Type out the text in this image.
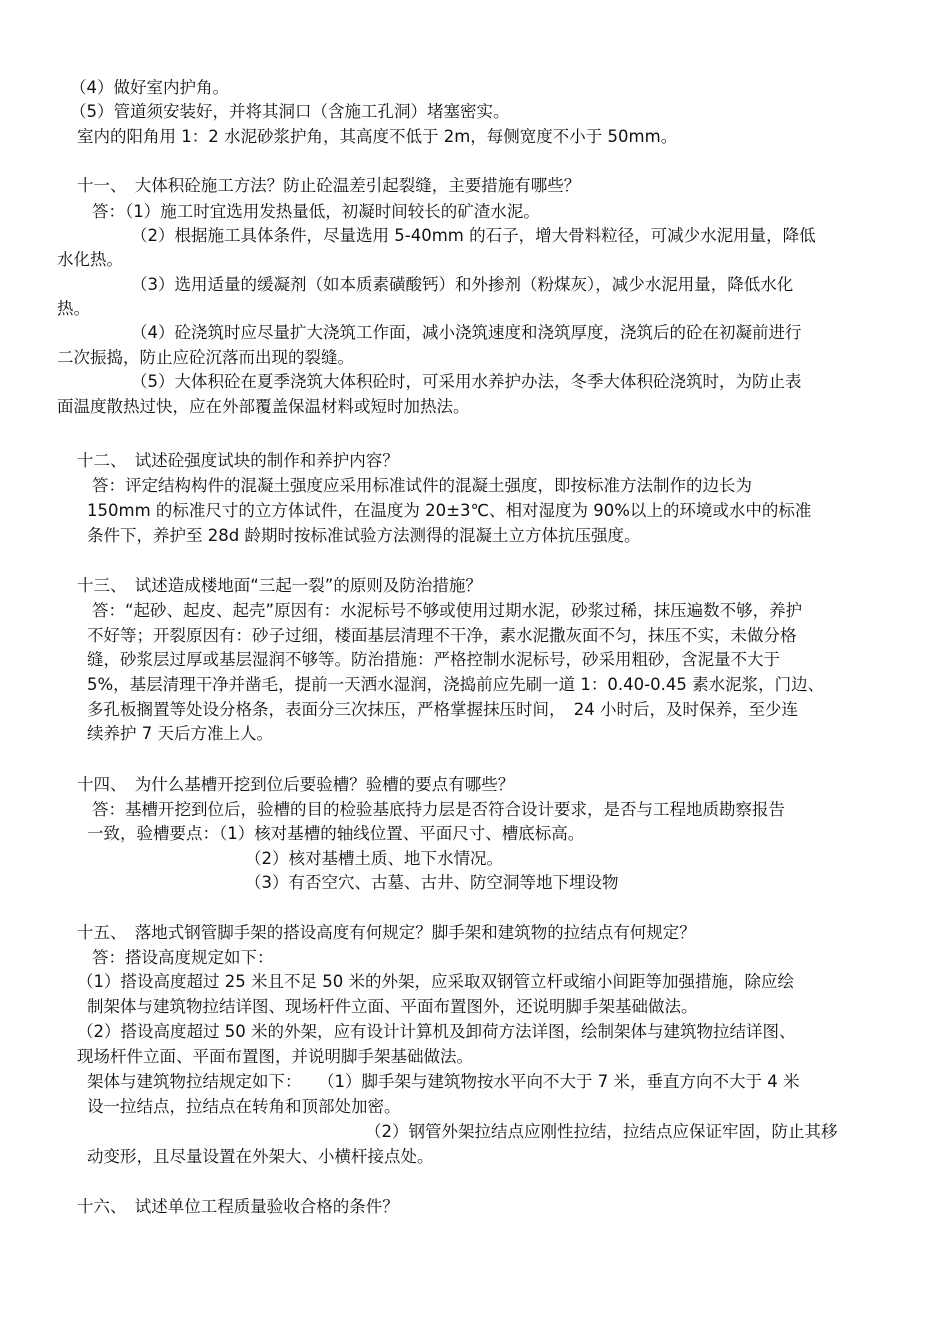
（4）做好室内护角。
（5）管道须安装好，并将其洞口（含施工孔洞）堵塞密实。
室内的阳角用 1：2 水泥砂浆护角，其高度不低于 2m，每侧宽度不小于 50mm。
十一、　大体积砼施工方法？防止砼温差引起裂缝，主要措施有哪些？
答：（1）施工时宜选用发热量低，初凝时间较长的矿渣水泥。
（2）根据施工具体条件，尽量选用 5-40mm 的石子，增大骨料粒径，可减少水泥用量，降低
水化热。
（3）选用适量的缓凝剂（如本质素磺酸钙）和外掺剂（粉煤灰），减少水泥用量，降低水化
热。
（4）砼浇筑时应尽量扩大浇筑工作面，减小浇筑速度和浇筑厚度，浇筑后的砼在初凝前进行
二次振捣，防止应砼沉落而出现的裂缝。
（5）大体积砼在夏季浇筑大体积砼时，可采用水养护办法，冬季大体积砼浇筑时，为防止表
面温度散热过快，应在外部覆盖保温材料或短时加热法。
十二、　试述砼强度试块的制作和养护内容？
答：评定结构构件的混凝土强度应采用标准试件的混凝土强度，即按标准方法制作的边长为
150mm 的标准尺寸的立方体试件，在温度为 20±3℃、相对湿度为 90%以上的环境或水中的标准
条件下，养护至 28d 龄期时按标准试验方法测得的混凝土立方体抗压强度。
十三、　试述造成楼地面“三起一裂”的原则及防治措施？
答：“起砂、起皮、起壳”原因有：水泥标号不够或使用过期水泥，砂浆过稀，抹压遍数不够，养护
不好等；开裂原因有：砂子过细，楼面基层清理不干净，素水泥撒灰面不匀，抹压不实，未做分格
缝，砂浆层过厚或基层湿润不够等。防治措施：严格控制水泥标号，砂采用粗砂，含泥量不大于
5%，基层清理干净并凿毛，提前一天洒水湿润，浇捣前应先刷一道 1：0.40-0.45 素水泥浆，门边、
多孔板搁置等处设分格条，表面分三次抹压，严格掌握抹压时间，　24 小时后，及时保养，至少连
续养护 7 天后方准上人。
十四、　为什么基槽开挖到位后要验槽？验槽的要点有哪些？
答：基槽开挖到位后，验槽的目的检验基底持力层是否符合设计要求，是否与工程地质勘察报告
一致，验槽要点：（1）核对基槽的轴线位置、平面尺寸、槽底标高。
（2）核对基槽土质、地下水情况。
（3）有否空穴、古墓、古井、防空洞等地下埋设物
十五、　落地式钢管脚手架的搭设高度有何规定？脚手架和建筑物的拉结点有何规定？
答：搭设高度规定如下：
（1）搭设高度超过 25 米且不足 50 米的外架，应采取双钢管立杆或缩小间距等加强措施，除应绘
制架体与建筑物拉结详图、现场杆件立面、平面布置图外，还说明脚手架基础做法。
（2）搭设高度超过 50 米的外架，应有设计计算机及卸荷方法详图，绘制架体与建筑物拉结详图、
现场杆件立面、平面布置图，并说明脚手架基础做法。
架体与建筑物拉结规定如下：　　（1）脚手架与建筑物按水平向不大于 7 米，垂直方向不大于 4 米
设一拉结点，拉结点在转角和顶部处加密。
（2）钢管外架拉结点应刚性拉结，拉结点应保证牢固，防止其移
动变形，且尽量设置在外架大、小横杆接点处。
十六、　试述单位工程质量验收合格的条件？
